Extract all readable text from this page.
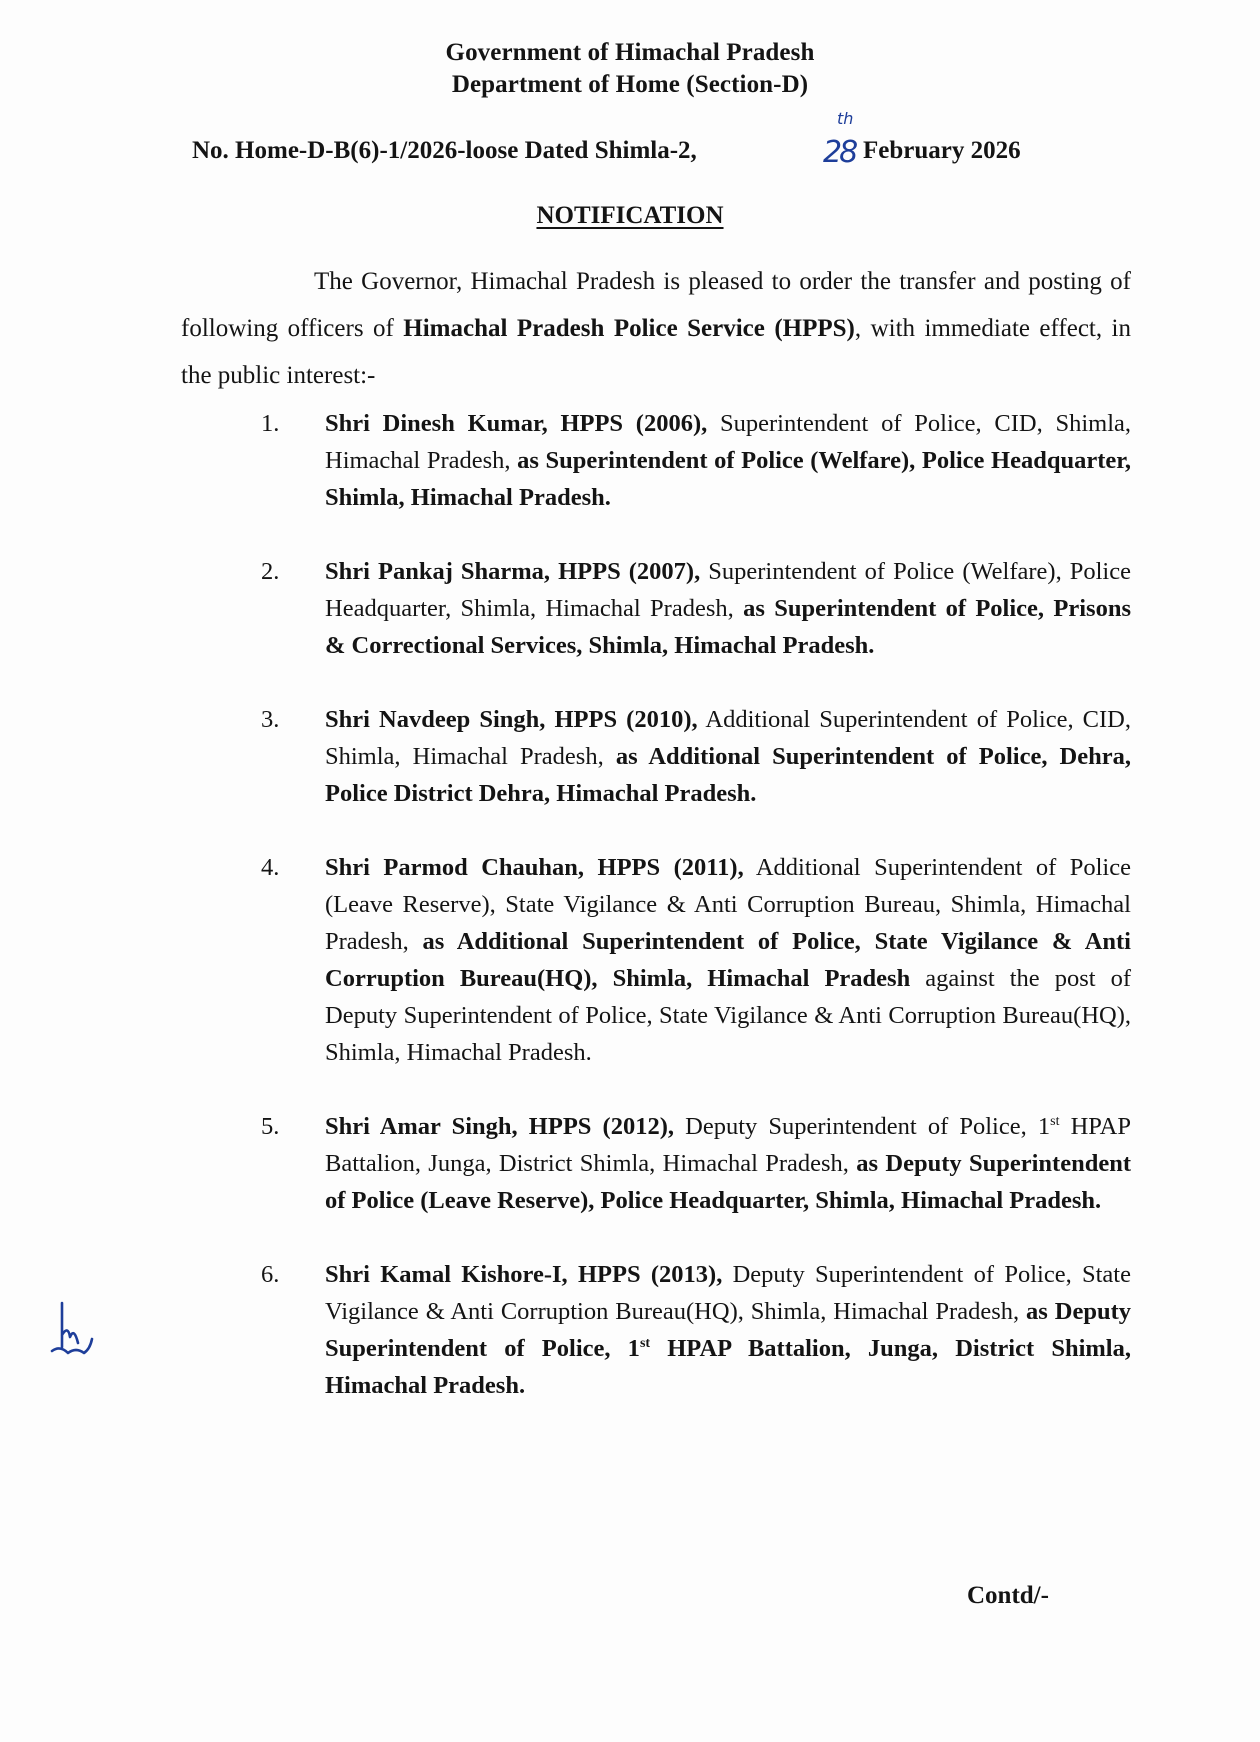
Government of Himachal Pradesh
Department of Home (Section-D)
No. Home-D-B(6)-1/2026-loose Dated Shimla-2,
th
28 February 2026
NOTIFICATION
The Governor, Himachal Pradesh is pleased to order the transfer and posting of following officers of Himachal Pradesh Police Service (HPPS), with immediate effect, in the public interest:-
1. Shri Dinesh Kumar, HPPS (2006), Superintendent of Police, CID, Shimla, Himachal Pradesh, as Superintendent of Police (Welfare), Police Headquarter, Shimla, Himachal Pradesh.
2. Shri Pankaj Sharma, HPPS (2007), Superintendent of Police (Welfare), Police Headquarter, Shimla, Himachal Pradesh, as Superintendent of Police, Prisons & Correctional Services, Shimla, Himachal Pradesh.
3. Shri Navdeep Singh, HPPS (2010), Additional Superintendent of Police, CID, Shimla, Himachal Pradesh, as Additional Superintendent of Police, Dehra, Police District Dehra, Himachal Pradesh.
4. Shri Parmod Chauhan, HPPS (2011), Additional Superintendent of Police (Leave Reserve), State Vigilance & Anti Corruption Bureau, Shimla, Himachal Pradesh, as Additional Superintendent of Police, State Vigilance & Anti Corruption Bureau(HQ), Shimla, Himachal Pradesh against the post of Deputy Superintendent of Police, State Vigilance & Anti Corruption Bureau(HQ), Shimla, Himachal Pradesh.
5. Shri Amar Singh, HPPS (2012), Deputy Superintendent of Police, 1st HPAP Battalion, Junga, District Shimla, Himachal Pradesh, as Deputy Superintendent of Police (Leave Reserve), Police Headquarter, Shimla, Himachal Pradesh.
6. Shri Kamal Kishore-I, HPPS (2013), Deputy Superintendent of Police, State Vigilance & Anti Corruption Bureau(HQ), Shimla, Himachal Pradesh, as Deputy Superintendent of Police, 1st HPAP Battalion, Junga, District Shimla, Himachal Pradesh.
Contd/-
